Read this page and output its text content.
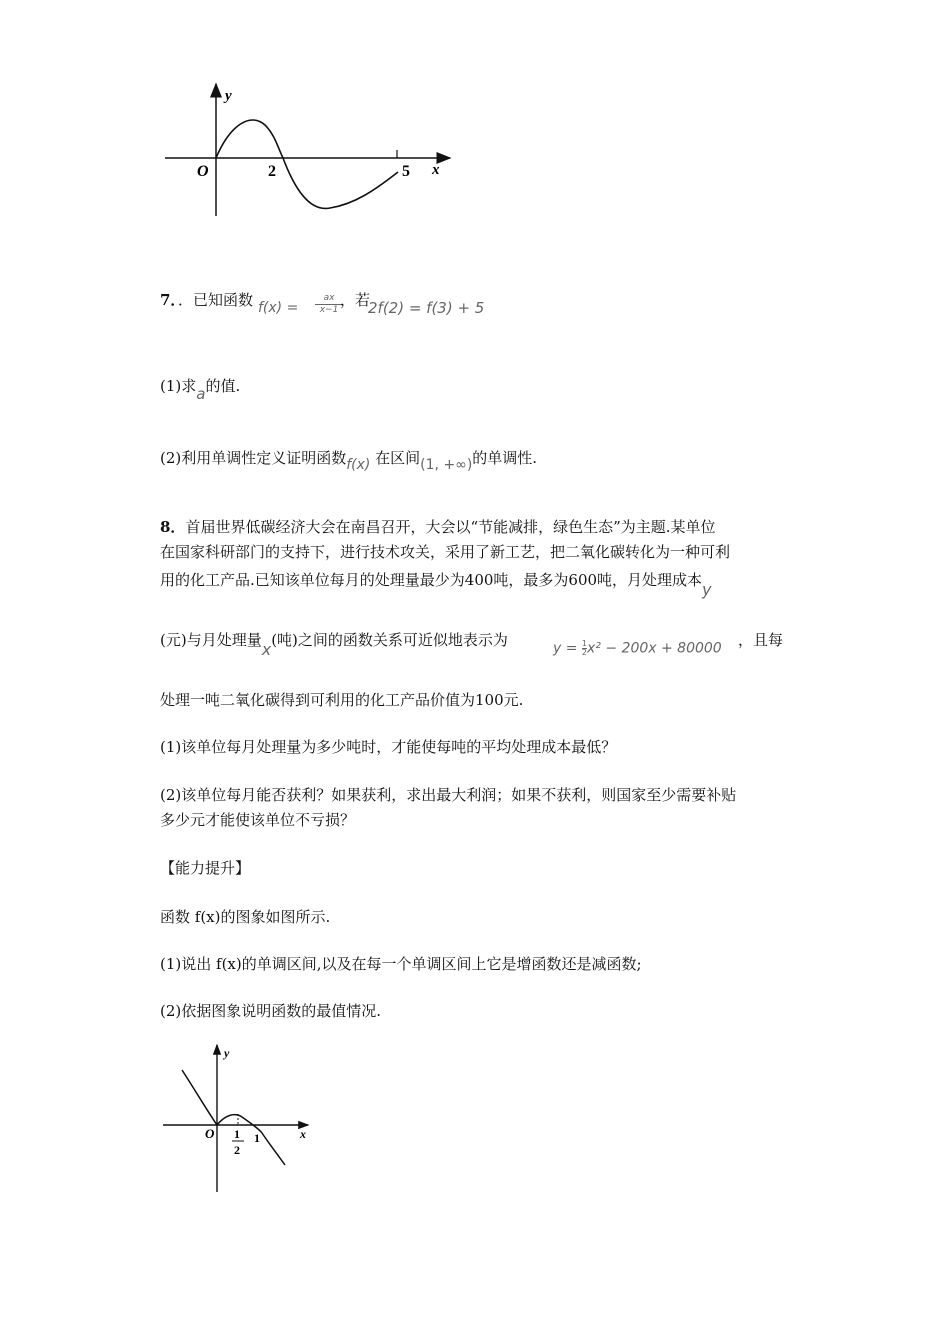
y
x
O	2	5
7．．已知函数 $f(x) = \frac{ax}{x-1}$
，若
2f(2) = f(3) + 5
(1)求a的值.
(2)利用单调性定义证明函数f(x) 在区间(1, +∞)的单调性.
8．首届世界低碳经济大会在南昌召开，大会以“节能减排，绿色生态”为主题.某单位
在国家科研部门的支持下，进行技术攻关，采用了新工艺，把二氧化碳转化为一种可利
用的化工产品.已知该单位每月的处理量最少为400吨，最多为600吨，月处理成本y
(元)与月处理量x(吨)之间的函数关系可近似地表示为	$y = \frac{1}{2} x^2 - 200x + 80000$ ，且每
处理一吨二氧化碳得到可利用的化工产品价值为100元.
(1)该单位每月处理量为多少吨时，才能使每吨的平均处理成本最低？
(2)该单位每月能否获利？如果获利，求出最大利润；如果不获利，则国家至少需要补贴
多少元才能使该单位不亏损？
【能力提升】
函数 f(x)的图象如图所示.
(1)说出 f(x)的单调区间,以及在每一个单调区间上它是增函数还是减函数;
(2)依据图象说明函数的最值情况.
y
x
O 1
2
1
